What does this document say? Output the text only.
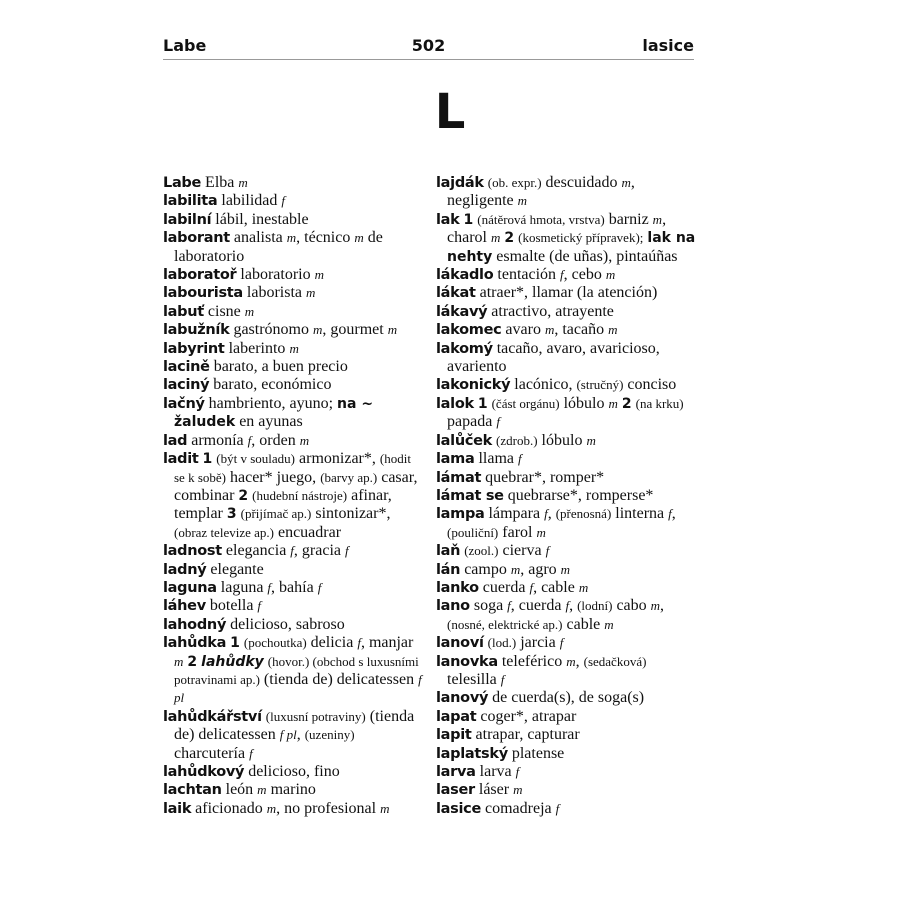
Labe	502	lasice
L

Labe Elba m

labilita labilidad f

labilní lábil, inestable

laborant analista m, técnico m de laboratorio

laboratoř laboratorio m

labourista laborista m

labuť cisne m

labužník gastrónomo m, gourmet m

labyrint laberinto m

lacině barato, a buen precio

laciný barato, económico

lačný hambriento, ayuno; na ~ žaludek en ayunas

lad armonía f, orden m

ladit 1 (být v souladu) armonizar*, (hodit se k sobě) hacer* juego, (barvy ap.) casar, combinar 2 (hudební nástroje) afinar, templar 3 (přijímač ap.) sintonizar*, (obraz televize ap.) encuadrar

ladnost elegancia f, gracia f

ladný elegante

laguna laguna f, bahía f

láhev botella f

lahodný delicioso, sabroso

lahůdka 1 (pochoutka) delicia f, manjar m 2 lahůdky (hovor.) (obchod s luxusními potravinami ap.) (tienda de) delicatessen f pl

lahůdkářství (luxusní potraviny) (tienda de) delicatessen f pl, (uzeniny) charcutería f

lahůdkový delicioso, fino

lachtan león m marino

laik aficionado m, no profesional m

lajdák (ob. expr.) descuidado m, negligente m

lak 1 (nátěrová hmota, vrstva) barniz m, charol m 2 (kosmetický přípravek); lak na nehty esmalte (de uñas), pintaúñas

lákadlo tentación f, cebo m

lákat atraer*, llamar (la atención)

lákavý atractivo, atrayente

lakomec avaro m, tacaño m

lakomý tacaño, avaro, avaricioso, avariento

lakonický lacónico, (stručný) conciso

lalok 1 (část orgánu) lóbulo m 2 (na krku) papada f

lalůček (zdrob.) lóbulo m

lama llama f

lámat quebrar*, romper*

lámat se quebrarse*, romperse*

lampa lámpara f, (přenosná) linterna f, (pouliční) farol m

laň (zool.) cierva f

lán campo m, agro m

lanko cuerda f, cable m

lano soga f, cuerda f, (lodní) cabo m, (nosné, elektrické ap.) cable m

lanoví (lod.) jarcia f

lanovka teleférico m, (sedačková) telesilla f

lanový de cuerda(s), de soga(s)

lapat coger*, atrapar

lapit atrapar, capturar

laplatský platense

larva larva f

laser láser m

lasice comadreja f
